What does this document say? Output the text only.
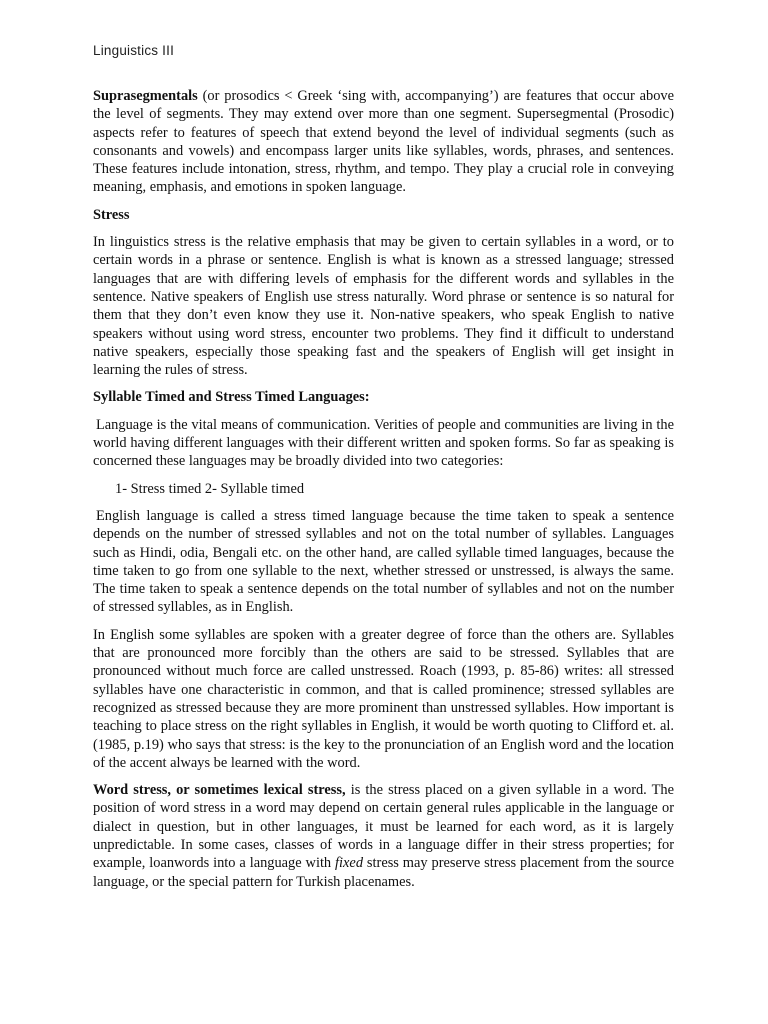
Linguistics III

Suprasegmentals (or prosodics < Greek ‘sing with, accompanying’) are features that occur above the level of segments. They may extend over more than one segment. Supersegmental (Prosodic) aspects refer to features of speech that extend beyond the level of individual segments (such as consonants and vowels) and encompass larger units like syllables, words, phrases, and sentences. These features include intonation, stress, rhythm, and tempo. They play a crucial role in conveying meaning, emphasis, and emotions in spoken language.

Stress

In linguistics stress is the relative emphasis that may be given to certain syllables in a word, or to certain words in a phrase or sentence. English is what is known as a stressed language; stressed languages that are with differing levels of emphasis for the different words and syllables in the sentence. Native speakers of English use stress naturally. Word phrase or sentence is so natural for them that they don’t even know they use it. Non-native speakers, who speak English to native speakers without using word stress, encounter two problems. They find it difficult to understand native speakers, especially those speaking fast and the speakers of English will get insight in learning the rules of stress.

Syllable Timed and Stress Timed Languages:

Language is the vital means of communication. Verities of people and communities are living in the world having different languages with their different written and spoken forms. So far as speaking is concerned these languages may be broadly divided into two categories:

1- Stress timed 2- Syllable timed

English language is called a stress timed language because the time taken to speak a sentence depends on the number of stressed syllables and not on the total number of syllables. Languages such as Hindi, odia, Bengali etc. on the other hand, are called syllable timed languages, because the time taken to go from one syllable to the next, whether stressed or unstressed, is always the same. The time taken to speak a sentence depends on the total number of syllables and not on the number of stressed syllables, as in English.

In English some syllables are spoken with a greater degree of force than the others are. Syllables that are pronounced more forcibly than the others are said to be stressed. Syllables that are pronounced without much force are called unstressed. Roach (1993, p. 85-86) writes: all stressed syllables have one characteristic in common, and that is called prominence; stressed syllables are recognized as stressed because they are more prominent than unstressed syllables. How important is teaching to place stress on the right syllables in English, it would be worth quoting to Clifford et. al. (1985, p.19) who says that stress: is the key to the pronunciation of an English word and the location of the accent always be learned with the word.

Word stress, or sometimes lexical stress, is the stress placed on a given syllable in a word. The position of word stress in a word may depend on certain general rules applicable in the language or dialect in question, but in other languages, it must be learned for each word, as it is largely unpredictable. In some cases, classes of words in a language differ in their stress properties; for example, loanwords into a language with fixed stress may preserve stress placement from the source language, or the special pattern for Turkish placenames.
